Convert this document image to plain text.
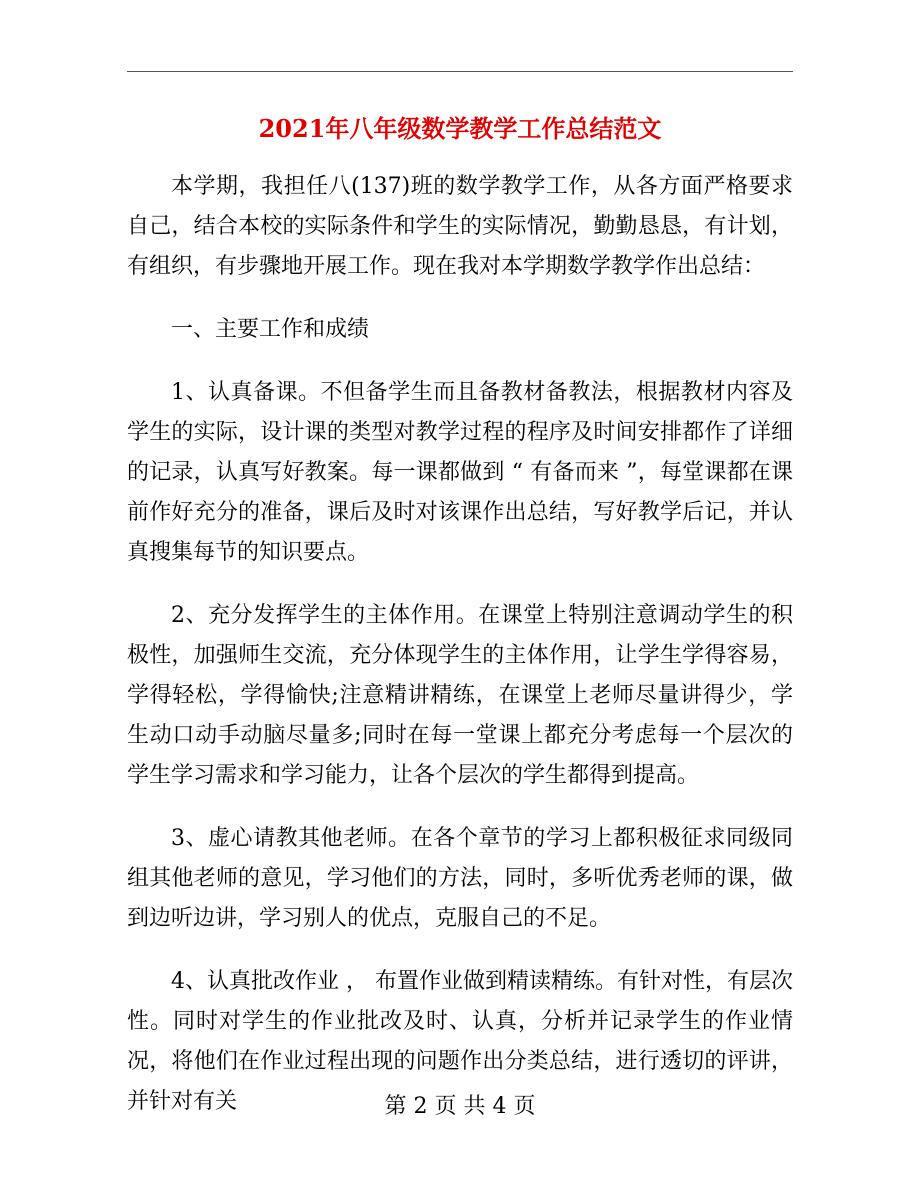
2021年八年级数学教学工作总结范文

本学期，我担任八(137)班的数学教学工作，从各方面严格要求自己，结合本校的实际条件和学生的实际情况，勤勤恳恳，有计划，有组织，有步骤地开展工作。现在我对本学期数学教学作出总结：

一、主要工作和成绩

1、认真备课。不但备学生而且备教材备教法，根据教材内容及学生的实际，设计课的类型对教学过程的程序及时间安排都作了详细的记录，认真写好教案。每一课都做到 “ 有备而来 ”，每堂课都在课前作好充分的准备，课后及时对该课作出总结，写好教学后记，并认真搜集每节的知识要点。

2、充分发挥学生的主体作用。在课堂上特别注意调动学生的积极性，加强师生交流，充分体现学生的主体作用，让学生学得容易，学得轻松，学得愉快;注意精讲精练，在课堂上老师尽量讲得少，学生动口动手动脑尽量多;同时在每一堂课上都充分考虑每一个层次的学生学习需求和学习能力，让各个层次的学生都得到提高。

3、虚心请教其他老师。在各个章节的学习上都积极征求同级同组其他老师的意见，学习他们的方法，同时，多听优秀老师的课，做到边听边讲，学习别人的优点，克服自己的不足。

4、认真批改作业 ， 布置作业做到精读精练。有针对性，有层次性。同时对学生的作业批改及时、认真，分析并记录学生的作业情况，将他们在作业过程出现的问题作出分类总结，进行透切的评讲，并针对有关	第 2 页 共 4 页
